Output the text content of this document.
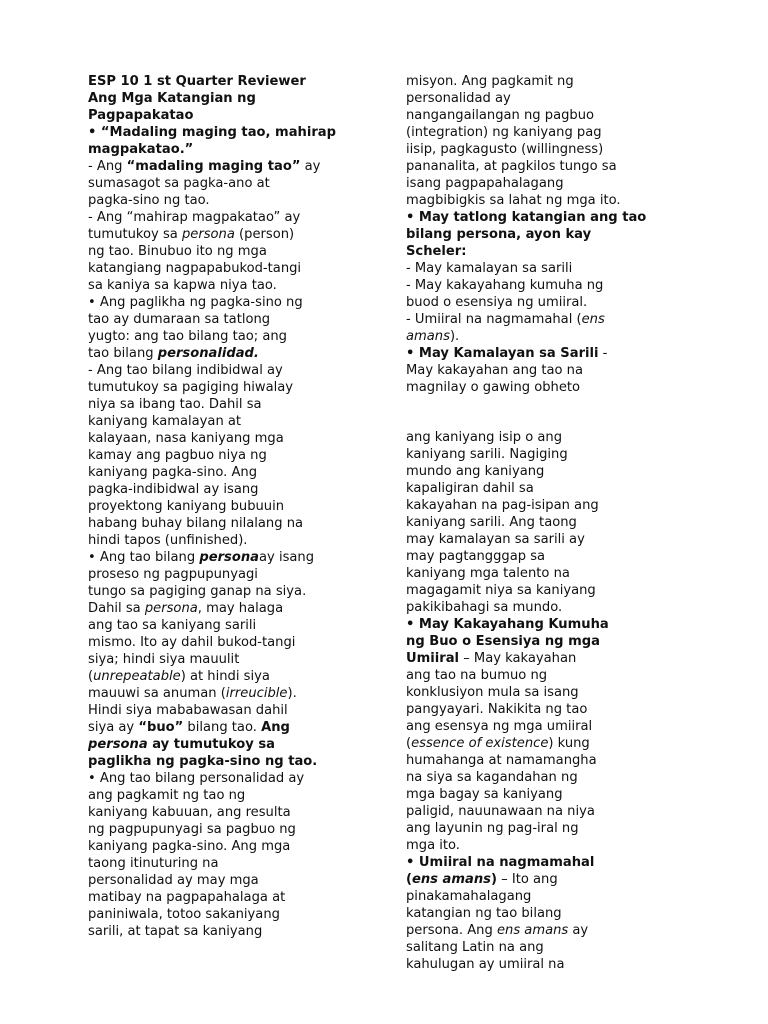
ESP 10 1 st Quarter Reviewer
Ang Mga Katangian ng
Pagpapakatao
• “Madaling maging tao, mahirap
magpakatao.”
- Ang “madaling maging tao” ay
sumasagot sa pagka-ano at
pagka-sino ng tao.
- Ang “mahirap magpakatao” ay
tumutukoy sa persona (person)
ng tao. Binubuo ito ng mga
katangiang nagpapabukod-tangi
sa kaniya sa kapwa niya tao.
• Ang paglikha ng pagka-sino ng
tao ay dumaraan sa tatlong
yugto: ang tao bilang tao; ang
tao bilang personalidad.
- Ang tao bilang indibidwal ay
tumutukoy sa pagiging hiwalay
niya sa ibang tao. Dahil sa
kaniyang kamalayan at
kalayaan, nasa kaniyang mga
kamay ang pagbuo niya ng
kaniyang pagka-sino. Ang
pagka-indibidwal ay isang
proyektong kaniyang bubuuin
habang buhay bilang nilalang na
hindi tapos (unfinished).
• Ang tao bilang personaay isang
proseso ng pagpupunyagi
tungo sa pagiging ganap na siya.
Dahil sa persona, may halaga
ang tao sa kaniyang sarili
mismo. Ito ay dahil bukod-tangi
siya; hindi siya mauulit
(unrepeatable) at hindi siya
mauuwi sa anuman (irreucible).
Hindi siya mababawasan dahil
siya ay “buo” bilang tao. Ang
persona ay tumutukoy sa
paglikha ng pagka-sino ng tao.
• Ang tao bilang personalidad ay
ang pagkamit ng tao ng
kaniyang kabuuan, ang resulta
ng pagpupunyagi sa pagbuo ng
kaniyang pagka-sino. Ang mga
taong itinuturing na
personalidad ay may mga
matibay na pagpapahalaga at
paniniwala, totoo sakaniyang
sarili, at tapat sa kaniyang
misyon. Ang pagkamit ng
personalidad ay
nangangailangan ng pagbuo
(integration) ng kaniyang pag
iisip, pagkagusto (willingness)
pananalita, at pagkilos tungo sa
isang pagpapahalagang
magbibigkis sa lahat ng mga ito.
• May tatlong katangian ang tao
bilang persona, ayon kay
Scheler:
- May kamalayan sa sarili
- May kakayahang kumuha ng
buod o esensiya ng umiiral.
- Umiiral na nagmamahal (ens
amans).
• May Kamalayan sa Sarili -
May kakayahan ang tao na
magnilay o gawing obheto
ang kaniyang isip o ang
kaniyang sarili. Nagiging
mundo ang kaniyang
kapaligiran dahil sa
kakayahan na pag-isipan ang
kaniyang sarili. Ang taong
may kamalayan sa sarili ay
may pagtangggap sa
kaniyang mga talento na
magagamit niya sa kaniyang
pakikibahagi sa mundo.
• May Kakayahang Kumuha
ng Buo o Esensiya ng mga
Umiiral – May kakayahan
ang tao na bumuo ng
konklusiyon mula sa isang
pangyayari. Nakikita ng tao
ang esensya ng mga umiiral
(essence of existence) kung
humahanga at namamangha
na siya sa kagandahan ng
mga bagay sa kaniyang
paligid, nauunawaan na niya
ang layunin ng pag-iral ng
mga ito.
• Umiiral na nagmamahal
(ens amans) – Ito ang
pinakamahalagang
katangian ng tao bilang
persona. Ang ens amans ay
salitang Latin na ang
kahulugan ay umiiral na
